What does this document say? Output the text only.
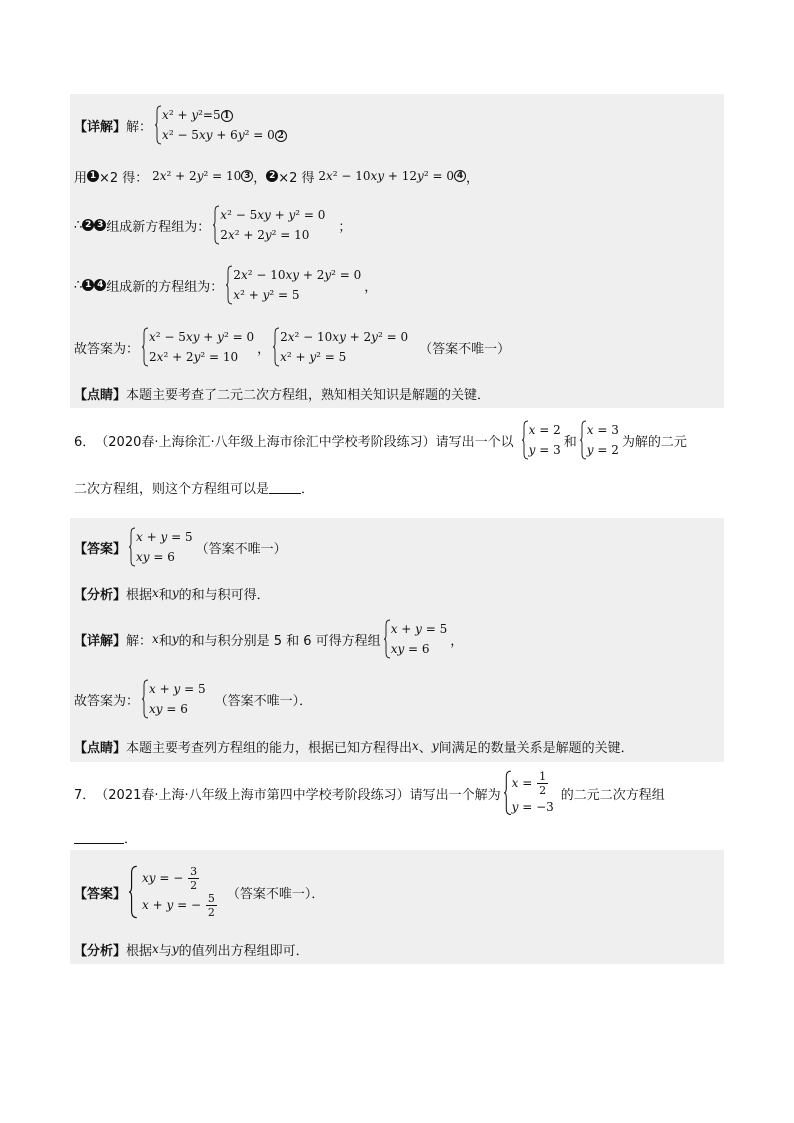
【详解】 解：
x² + y²=5 1
x² − 5xy + 6y² = 0 2
用 1 ×2 得： 2x² + 2y² = 10 3 ， 2 ×2 得 2x² − 10xy + 12y² = 0 4 ，
∴ 2 3 组成新方程组为：
x² − 5xy + y² = 0
2x² + 2y² = 10
；
∴ 1 4 组成新的方程组为：
2x² − 10xy + 2y² = 0
x² + y² = 5
，
故答案为：
x² − 5xy + y² = 0
2x² + 2y² = 10
，
2x² − 10xy + 2y² = 0
x² + y² = 5
（答案不唯一）
【点睛】 本题主要考查了二元二次方程组，熟知相关知识是解题的关键．
6． （2020春·上海徐汇·八年级上海市徐汇中学校考阶段练习）请写出一个以
x = 2
y = 3
和
x = 3
y = 2
为解的二元
二次方程组，则这个方程组可以是 ．
【答案】
x + y = 5
xy = 6
（答案不唯一）
【分析】 根据 x 和 y 的和与积可得．
【详解】 解： x 和 y 的和与积分别是 5 和 6 可得方程组
x + y = 5
xy = 6
，
故答案为：
x + y = 5
xy = 6
（答案不唯一）．
【点睛】 本题主要考查列方程组的能力，根据已知方程得出 x 、 y 间满足的数量关系是解题的关键．
7． （2021春·上海·八年级上海市第四中学校考阶段练习）请写出一个解为
$x = \frac{1}{2}$
y = −3
的二元二次方程组
．
【答案】
xy = − $\frac{3}{2}$
x + y = − $\frac{5}{2}$ （答案不唯一）．
【分析】 根据 x 与 y 的值列出方程组即可．
